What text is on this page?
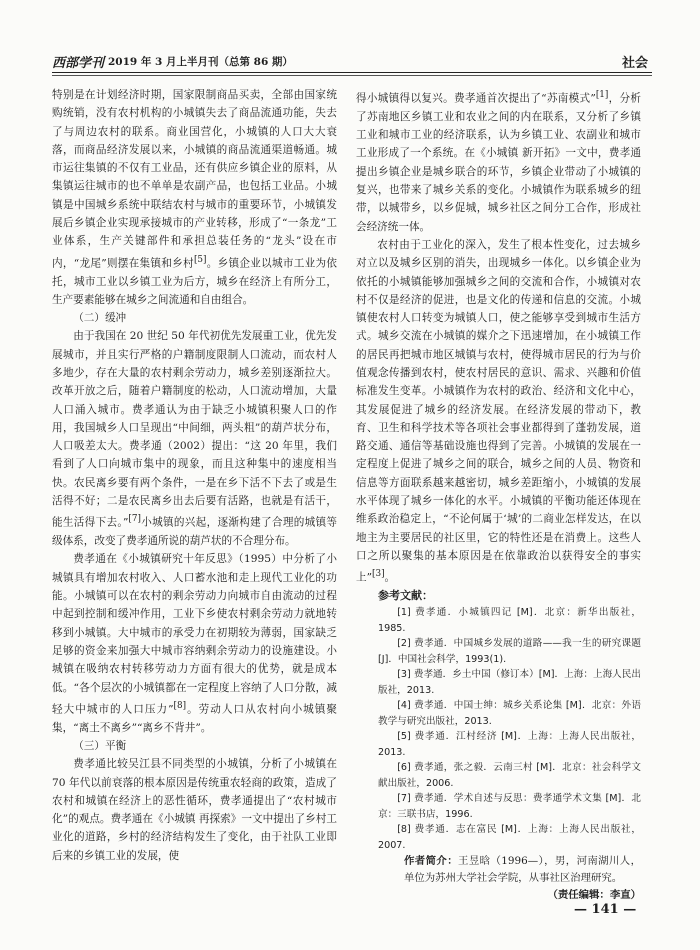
西部学刊 2019 年 3 月上半月刊（总第 86 期）	社会

特别是在计划经济时期，国家限制商品买卖，全部由国家统购统销，没有农村机构的小城镇失去了商品流通功能，失去了与周边农村的联系。商业国营化，小城镇的人口大大衰落，而商品经济发展以来，小城镇的商品流通渠道畅通。城市运往集镇的不仅有工业品，还有供应乡镇企业的原料，从集镇运往城市的也不单单是农副产品，也包括工业品。小城镇是中国城乡系统中联结农村与城市的重要环节，小城镇发展后乡镇企业实现承接城市的产业转移，形成了“一条龙”工业体系，生产关键部件和承担总装任务的“龙头”设在市内，“龙尾”则摆在集镇和乡村[5]。乡镇企业以城市工业为依托，城市工业以乡镇工业为后方，城乡在经济上有所分工，生产要素能够在城乡之间流通和自由组合。

（二）缓冲

由于我国在 20 世纪 50 年代初优先发展重工业，优先发展城市，并且实行严格的户籍制度限制人口流动，而农村人多地少，存在大量的农村剩余劳动力，城乡差别逐渐拉大。改革开放之后，随着户籍制度的松动，人口流动增加，大量人口涌入城市。费孝通认为由于缺乏小城镇积聚人口的作用，我国城乡人口呈现出“中间细，两头粗”的葫芦状分布，人口吸差太大。费孝通（2002）提出：“这 20 年里，我们看到了人口向城市集中的现象，而且这种集中的速度相当快。农民离乡要有两个条件，一是在乡下活不下去了或是生活得不好；二是农民离乡出去后要有活路，也就是有活干，能生活得下去。”[7]小城镇的兴起，逐渐构建了合理的城镇等级体系，改变了费孝通所说的葫芦状的不合理分布。

费孝通在《小城镇研究十年反思》（1995）中分析了小城镇具有增加农村收入、人口蓄水池和走上现代工业化的功能。小城镇可以在农村的剩余劳动力向城市自由流动的过程中起到控制和缓冲作用，工业下乡使农村剩余劳动力就地转移到小城镇。大中城市的承受力在初期较为薄弱，国家缺乏足够的资金来加强大中城市容纳剩余劳动力的设施建设。小城镇在吸纳农村转移劳动力方面有很大的优势，就是成本低。“各个层次的小城镇都在一定程度上容纳了人口分散，减轻大中城市的人口压力”[8]。劳动人口从农村向小城镇聚集，“离土不离乡”“离乡不背井”。

（三）平衡

费孝通比较吴江县不同类型的小城镇，分析了小城镇在 70 年代以前衰落的根本原因是传统重农轻商的政策，造成了农村和城镇在经济上的恶性循环，费孝通提出了“农村城市化”的观点。费孝通在《小城镇 再探索》一文中提出了乡村工业化的道路，乡村的经济结构发生了变化，由于社队工业即后来的乡镇工业的发展，使

得小城镇得以复兴。费孝通首次提出了“苏南模式”[1]，分析了苏南地区乡镇工业和农业之间的内在联系，又分析了乡镇工业和城市工业的经济联系，认为乡镇工业、农副业和城市工业形成了一个系统。在《小城镇 新开拓》一文中，费孝通提出乡镇企业是城乡联合的环节，乡镇企业带动了小城镇的复兴，也带来了城乡关系的变化。小城镇作为联系城乡的纽带，以城带乡，以乡促城，城乡社区之间分工合作，形成社会经济统一体。

农村由于工业化的深入，发生了根本性变化，过去城乡对立以及城乡区别的消失，出现城乡一体化。以乡镇企业为依托的小城镇能够加强城乡之间的交流和合作，小城镇对农村不仅是经济的促进，也是文化的传递和信息的交流。小城镇使农村人口转变为城镇人口，使之能够享受到城市生活方式。城乡交流在小城镇的媒介之下迅速增加，在小城镇工作的居民再把城市地区城镇与农村，使得城市居民的行为与价值观念传播到农村，使农村居民的意识、需求、兴趣和价值标准发生变革。小城镇作为农村的政治、经济和文化中心，其发展促进了城乡的经济发展。在经济发展的带动下，教育、卫生和科学技术等各项社会事业都得到了蓬勃发展，道路交通、通信等基础设施也得到了完善。小城镇的发展在一定程度上促进了城乡之间的联合，城乡之间的人员、物资和信息等方面联系越来越密切，城乡差距缩小，小城镇的发展水平体现了城乡一体化的水平。小城镇的平衡功能还体现在维系政治稳定上，“不论何属于‘城’的二商业怎样发达，在以地主为主要居民的社区里，它的特性还是在消费上。这些人口之所以聚集的基本原因是在依靠政治以获得安全的事实上”[3]。

参考文献：

[1] 费孝通．小城镇四记 [M]．北京：新华出版社，1985.

[2] 费孝通．中国城乡发展的道路——我一生的研究课题 [J]．中国社会科学，1993(1).

[3] 费孝通．乡土中国（修订本）[M]．上海：上海人民出版社，2013.

[4] 费孝通．中国士绅：城乡关系论集 [M]．北京：外语教学与研究出版社，2013.

[5] 费孝通．江村经济 [M]．上海：上海人民出版社，2013.

[6] 费孝通，张之毅．云南三村 [M]．北京：社会科学文献出版社，2006.

[7] 费孝通．学术自述与反思：费孝通学术文集 [M]．北京：三联书店，1996.

[8] 费孝通．志在富民 [M]．上海：上海人民出版社，2007.

作者简介：王昱晗（1996—），男，河南湖川人，单位为苏州大学社会学院，从事社区治理研究。

（责任编辑：李直）

— 141 —
